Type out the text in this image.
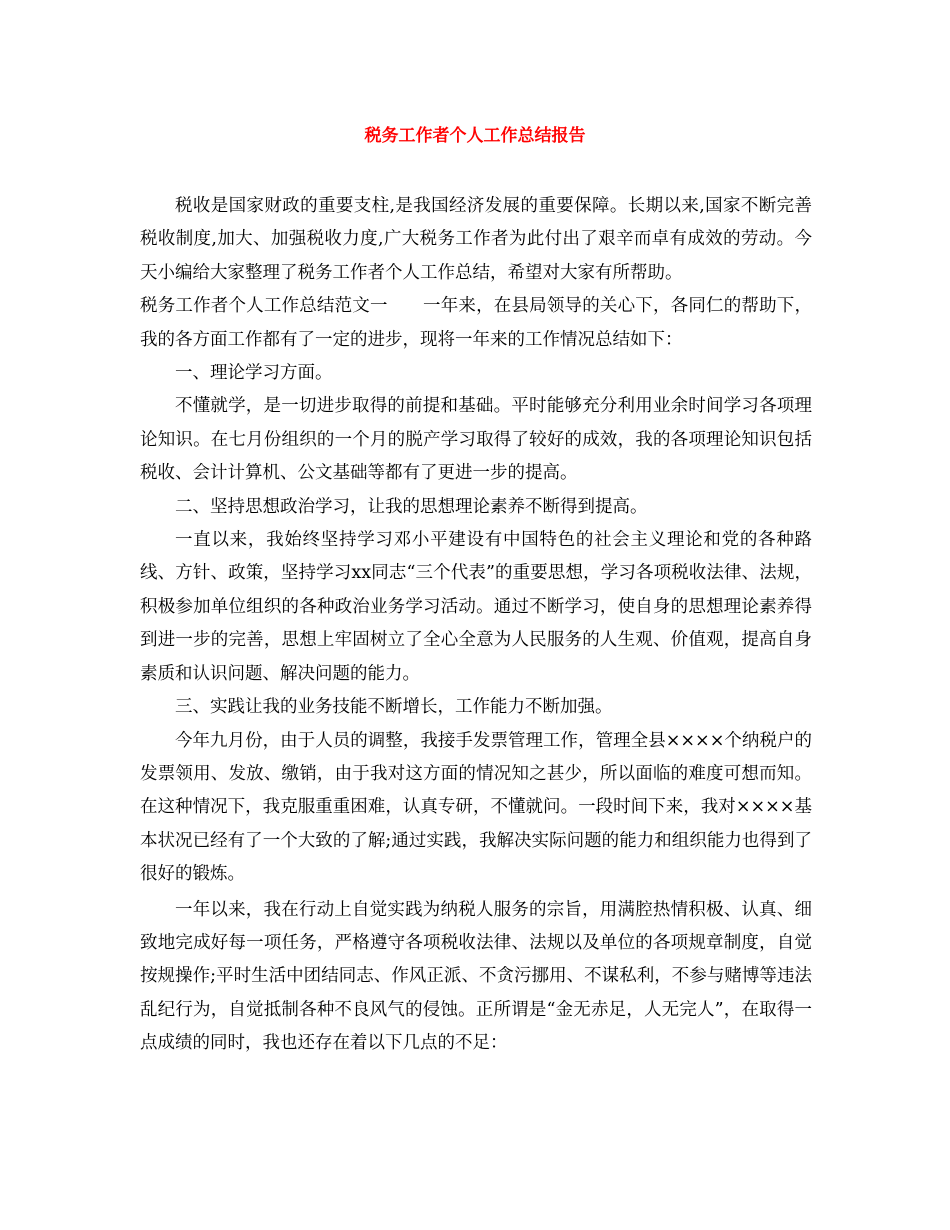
税务工作者个人工作总结报告

税收是国家财政的重要支柱,是我国经济发展的重要保障。长期以来,国家不断完善税收制度,加大、加强税收力度,广大税务工作者为此付出了艰辛而卓有成效的劳动。今天小编给大家整理了税务工作者个人工作总结，希望对大家有所帮助。

税务工作者个人工作总结范文一　　一年来，在县局领导的关心下，各同仁的帮助下，我的各方面工作都有了一定的进步，现将一年来的工作情况总结如下：

一、理论学习方面。

不懂就学，是一切进步取得的前提和基础。平时能够充分利用业余时间学习各项理论知识。在七月份组织的一个月的脱产学习取得了较好的成效，我的各项理论知识包括税收、会计计算机、公文基础等都有了更进一步的提高。

二、坚持思想政治学习，让我的思想理论素养不断得到提高。

一直以来，我始终坚持学习邓小平建设有中国特色的社会主义理论和党的各种路线、方针、政策，坚持学习xx同志“三个代表”的重要思想，学习各项税收法律、法规，积极参加单位组织的各种政治业务学习活动。通过不断学习，使自身的思想理论素养得到进一步的完善，思想上牢固树立了全心全意为人民服务的人生观、价值观，提高自身素质和认识问题、解决问题的能力。

三、实践让我的业务技能不断增长，工作能力不断加强。

今年九月份，由于人员的调整，我接手发票管理工作，管理全县××××个纳税户的发票领用、发放、缴销，由于我对这方面的情况知之甚少，所以面临的难度可想而知。在这种情况下，我克服重重困难，认真专研，不懂就问。一段时间下来，我对××××基本状况已经有了一个大致的了解;通过实践，我解决实际问题的能力和组织能力也得到了很好的锻炼。

一年以来，我在行动上自觉实践为纳税人服务的宗旨，用满腔热情积极、认真、细致地完成好每一项任务，严格遵守各项税收法律、法规以及单位的各项规章制度，自觉按规操作;平时生活中团结同志、作风正派、不贪污挪用、不谋私利，不参与赌博等违法乱纪行为，自觉抵制各种不良风气的侵蚀。正所谓是“金无赤足，人无完人”，在取得一点成绩的同时，我也还存在着以下几点的不足：
